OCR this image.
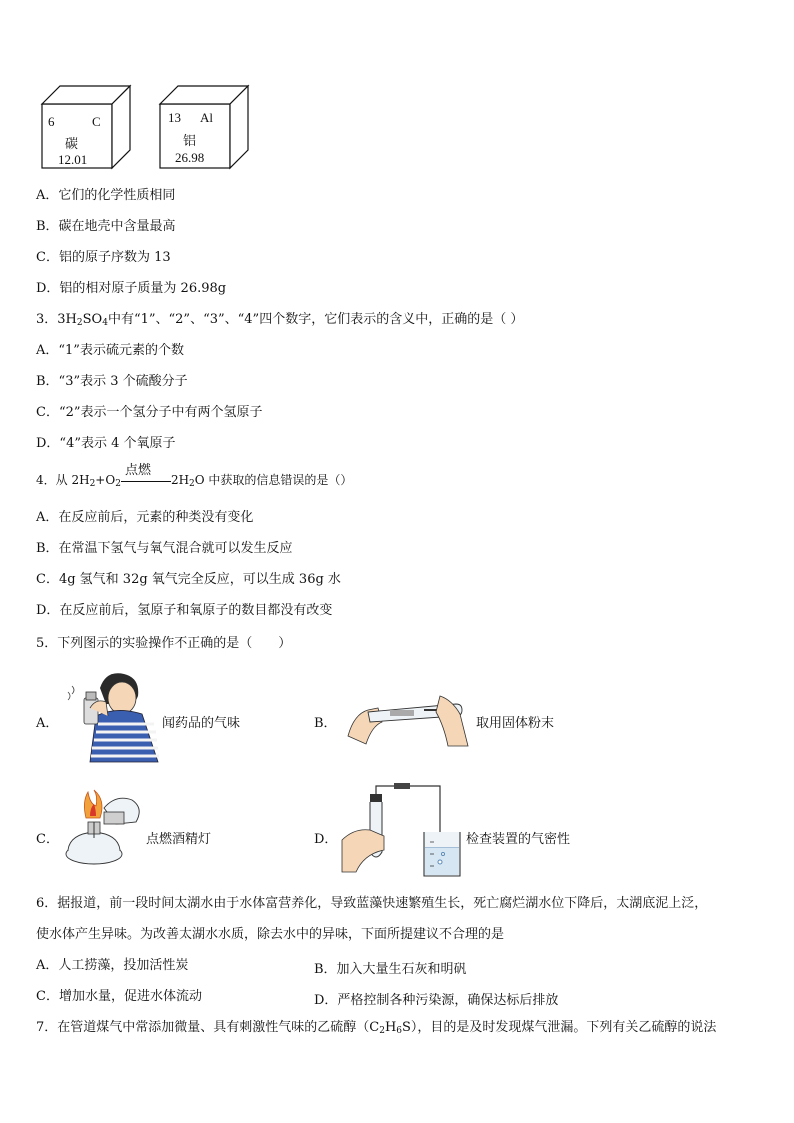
6	C
碳
12.01
13 Al
铝
26.98
A．它们的化学性质相同
B．碳在地壳中含量最高
C．铝的原子序数为 13
D．铝的相对原子质量为 26.98g
3．$3H_2SO_4$中有“1”、“2”、“3”、“4”四个数字，它们表示的含义中，正确的是（ ）
A．“1”表示硫元素的个数
B．“3”表示 3 个硫酸分子
C．“2”表示一个氢分子中有两个氢原子
D．“4”表示 4 个氧原子
4．从 $2H_2+O_2$
点燃
$2H_2O$ 中获取的信息错误的是（）
A．在反应前后，元素的种类没有变化
B．在常温下氢气与氧气混合就可以发生反应
C．4g 氢气和 32g 氧气完全反应，可以生成 36g 水
D．在反应前后，氢原子和氧原子的数目都没有改变
5．下列图示的实验操作不正确的是（　　）
A．	闻药品的气味	B．	取用固体粉末
C．	点燃酒精灯	D．	检查装置的气密性
6．据报道，前一段时间太湖水由于水体富营养化，导致蓝藻快速繁殖生长，死亡腐烂湖水位下降后，太湖底泥上泛，
使水体产生异味。为改善太湖水水质，除去水中的异味，下面所提建议不合理的是
A．人工捞藻，投加活性炭	B．加入大量生石灰和明矾
C．增加水量，促进水体流动	D．严格控制各种污染源，确保达标后排放
7．在管道煤气中常添加微量、具有刺激性气味的乙硫醇$(C_2H_6S)$，目的是及时发现煤气泄漏。下列有关乙硫醇的说法
